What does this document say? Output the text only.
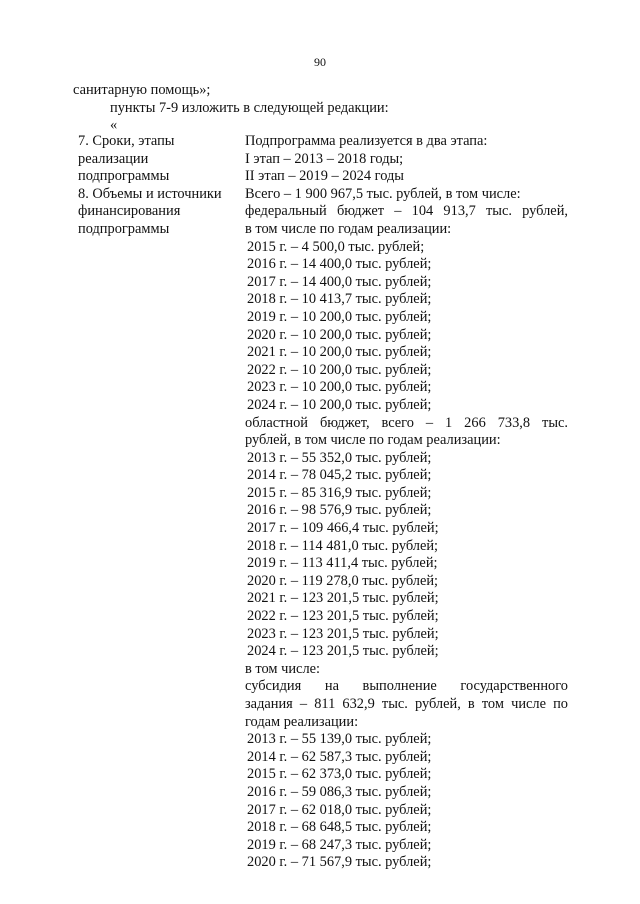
90
санитарную помощь»;
пункты 7-9 изложить в следующей редакции:
«
7. Сроки, этапы
реализации
подпрограммы
Подпрограмма реализуется в два этапа:
I этап – 2013 – 2018 годы;
II этап – 2019 – 2024 годы
8. Объемы и источники
финансирования
подпрограммы
Всего – 1 900 967,5 тыс. рублей, в том числе:
федеральный бюджет – 104 913,7 тыс. рублей,
в том числе по годам реализации:
2015 г. – 4 500,0 тыс. рублей;
2016 г. – 14 400,0 тыс. рублей;
2017 г. – 14 400,0 тыс. рублей;
2018 г. – 10 413,7 тыс. рублей;
2019 г. – 10 200,0 тыс. рублей;
2020 г. – 10 200,0 тыс. рублей;
2021 г. – 10 200,0 тыс. рублей;
2022 г. – 10 200,0 тыс. рублей;
2023 г. – 10 200,0 тыс. рублей;
2024 г. – 10 200,0 тыс. рублей;
областной бюджет, всего – 1 266 733,8 тыс.
рублей, в том числе по годам реализации:
2013 г. – 55 352,0 тыс. рублей;
2014 г. – 78 045,2 тыс. рублей;
2015 г. – 85 316,9 тыс. рублей;
2016 г. – 98 576,9 тыс. рублей;
2017 г. – 109 466,4 тыс. рублей;
2018 г. – 114 481,0 тыс. рублей;
2019 г. – 113 411,4 тыс. рублей;
2020 г. – 119 278,0 тыс. рублей;
2021 г. – 123 201,5 тыс. рублей;
2022 г. – 123 201,5 тыс. рублей;
2023 г. – 123 201,5 тыс. рублей;
2024 г. – 123 201,5 тыс. рублей;
в том числе:
субсидия на выполнение государственного
задания – 811 632,9 тыс. рублей, в том числе по
годам реализации:
2013 г. – 55 139,0 тыс. рублей;
2014 г. – 62 587,3 тыс. рублей;
2015 г. – 62 373,0 тыс. рублей;
2016 г. – 59 086,3 тыс. рублей;
2017 г. – 62 018,0 тыс. рублей;
2018 г. – 68 648,5 тыс. рублей;
2019 г. – 68 247,3 тыс. рублей;
2020 г. – 71 567,9 тыс. рублей;
